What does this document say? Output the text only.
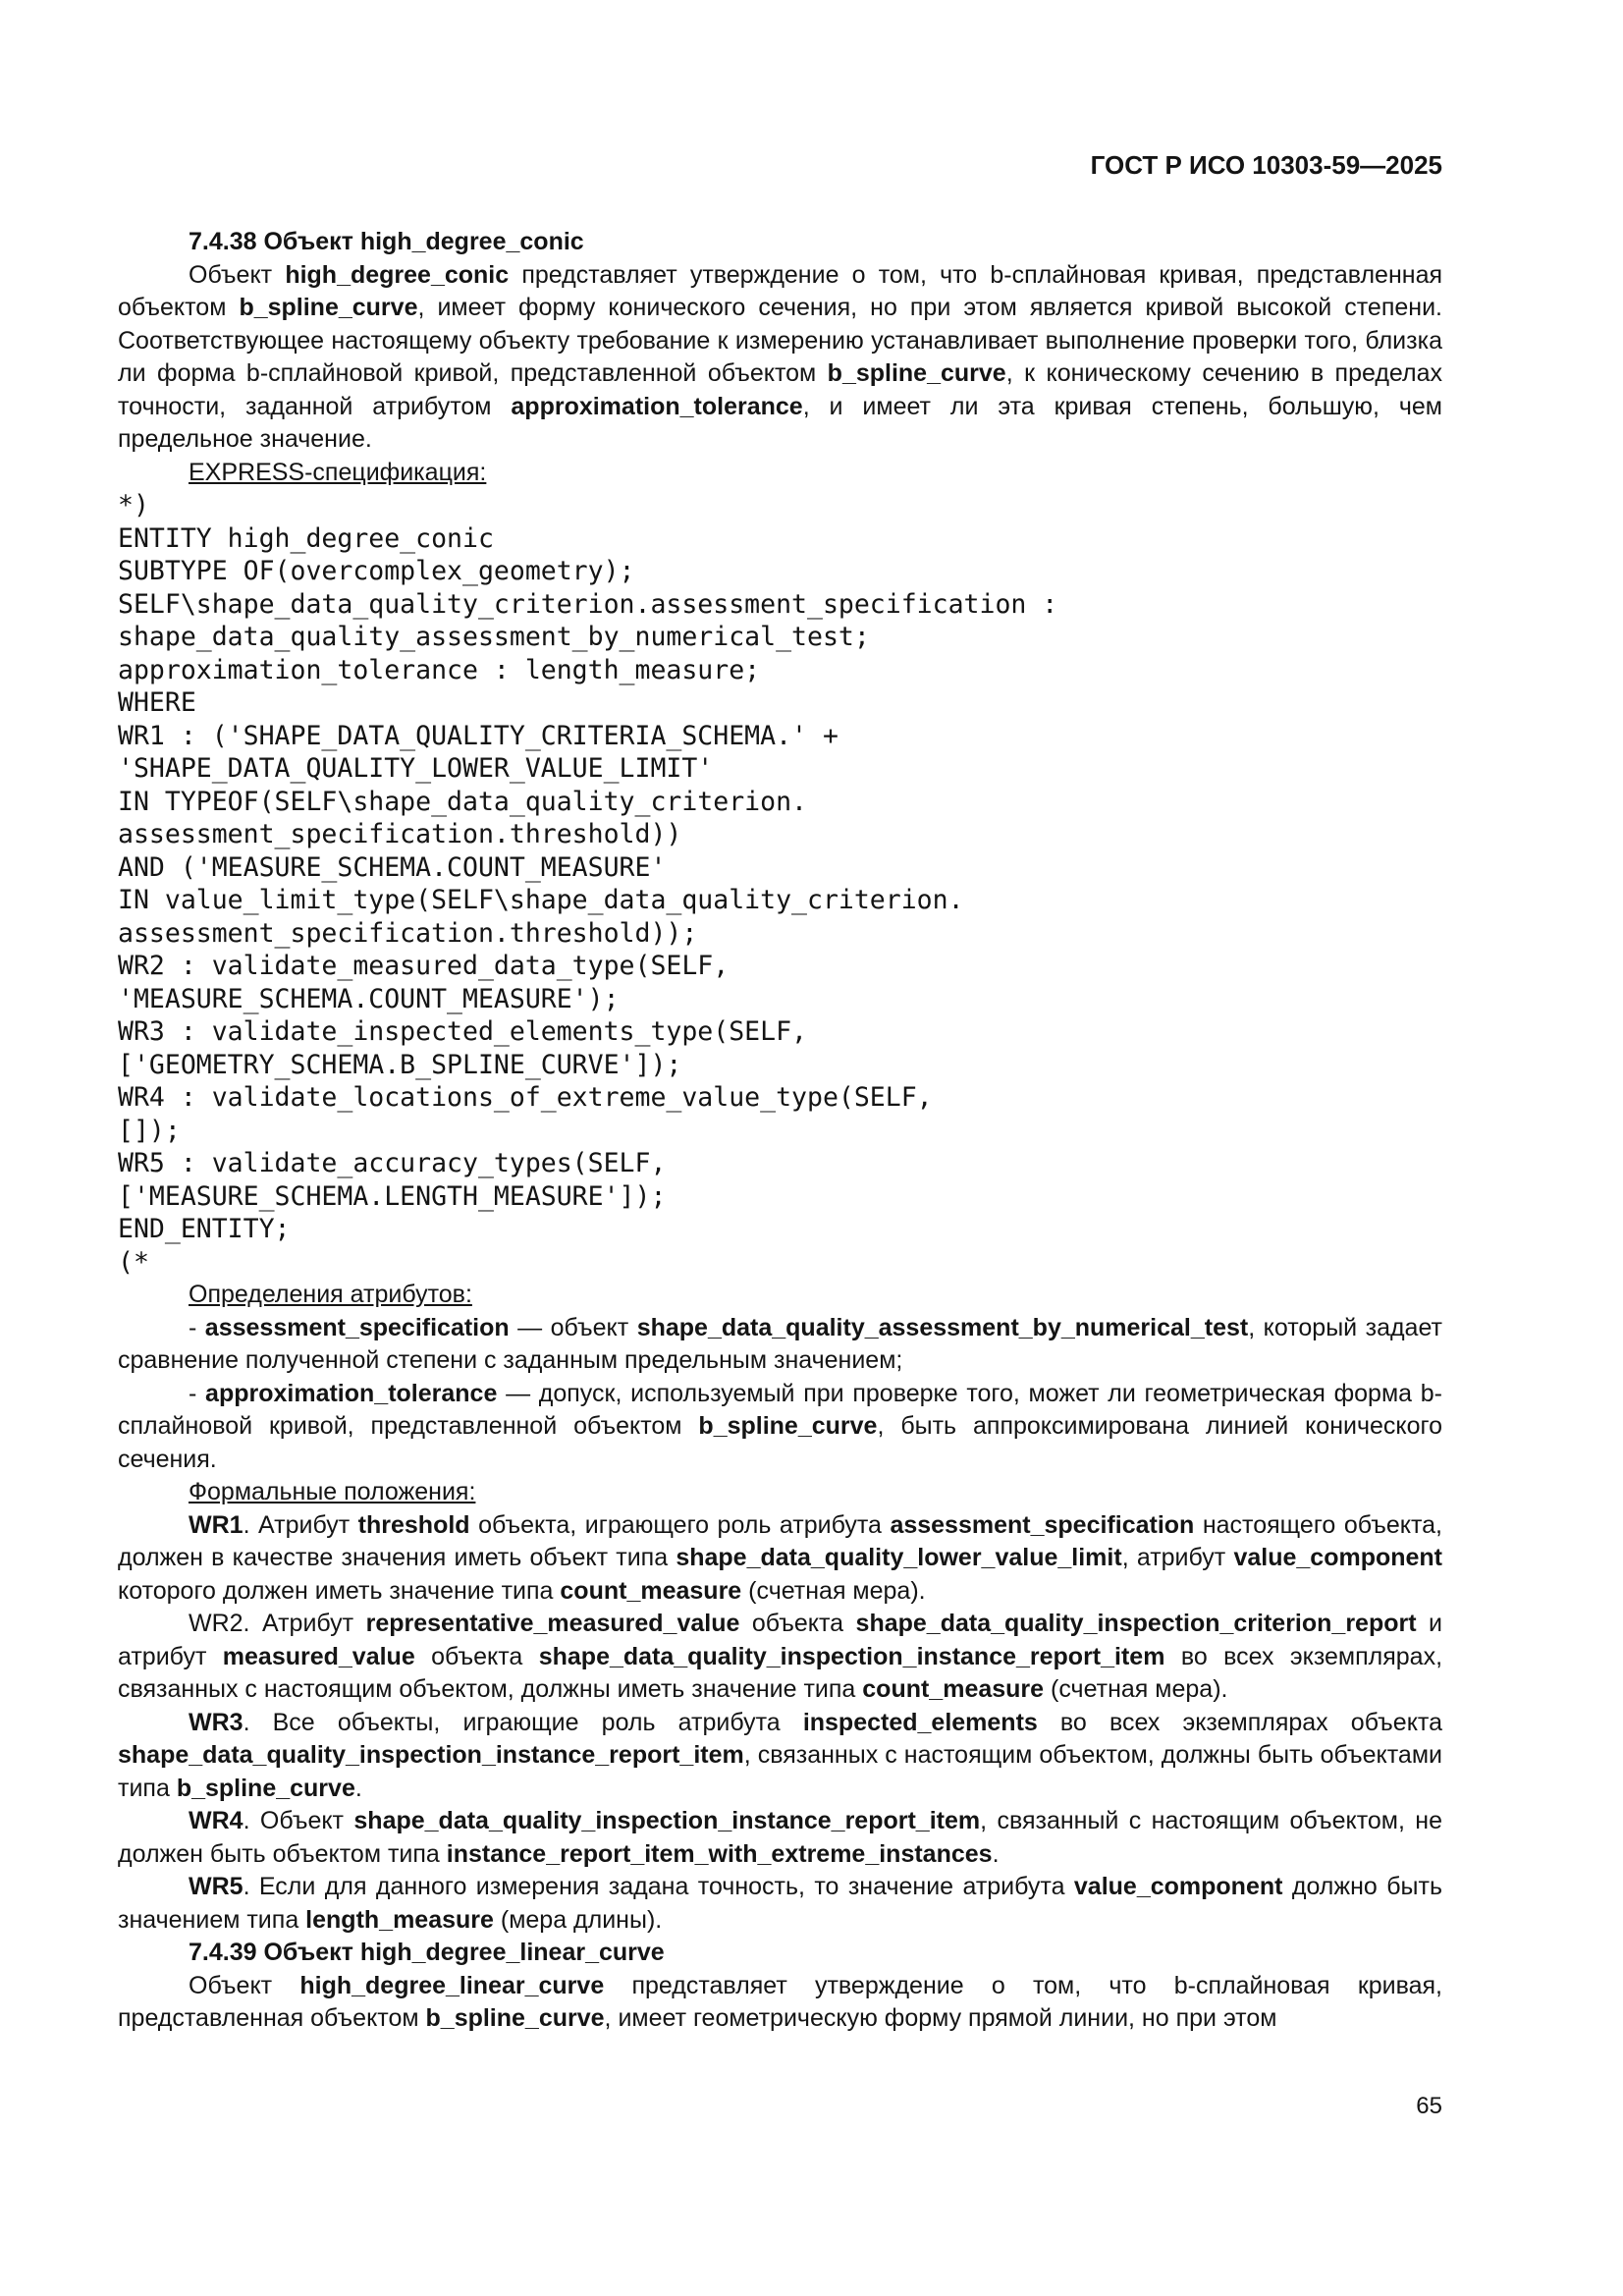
ГОСТ Р ИСО 10303-59—2025

7.4.38 Объект high_degree_conic

Объект high_degree_conic представляет утверждение о том, что b-сплайновая кривая, представленная объектом b_spline_curve, имеет форму конического сечения, но при этом является кривой высокой степени. Соответствующее настоящему объекту требование к измерению устанавливает выполнение проверки того, близка ли форма b-сплайновой кривой, представленной объектом b_spline_curve, к коническому сечению в пределах точности, заданной атрибутом approximation_tolerance, и имеет ли эта кривая степень, большую, чем предельное значение.

EXPRESS-спецификация:

*)
ENTITY high_degree_conic
SUBTYPE OF(overcomplex_geometry);
SELF\shape_data_quality_criterion.assessment_specification :
shape_data_quality_assessment_by_numerical_test;
approximation_tolerance : length_measure;
WHERE
WR1 : ('SHAPE_DATA_QUALITY_CRITERIA_SCHEMA.' +
'SHAPE_DATA_QUALITY_LOWER_VALUE_LIMIT'
IN TYPEOF(SELF\shape_data_quality_criterion.
assessment_specification.threshold))
AND ('MEASURE_SCHEMA.COUNT_MEASURE'
IN value_limit_type(SELF\shape_data_quality_criterion.
assessment_specification.threshold));
WR2 : validate_measured_data_type(SELF,
'MEASURE_SCHEMA.COUNT_MEASURE');
WR3 : validate_inspected_elements_type(SELF,
['GEOMETRY_SCHEMA.B_SPLINE_CURVE']);
WR4 : validate_locations_of_extreme_value_type(SELF,
[]);
WR5 : validate_accuracy_types(SELF,
['MEASURE_SCHEMA.LENGTH_MEASURE']);
END_ENTITY;
(*

Определения атрибутов:

- assessment_specification — объект shape_data_quality_assessment_by_numerical_test, который задает сравнение полученной степени с заданным предельным значением;

- approximation_tolerance — допуск, используемый при проверке того, может ли геометрическая форма b-сплайновой кривой, представленной объектом b_spline_curve, быть аппроксимирована линией конического сечения.

Формальные положения:

WR1. Атрибут threshold объекта, играющего роль атрибута assessment_specification настоящего объекта, должен в качестве значения иметь объект типа shape_data_quality_lower_value_limit, атрибут value_component которого должен иметь значение типа count_measure (счетная мера).

WR2. Атрибут representative_measured_value объекта shape_data_quality_inspection_criterion_report и атрибут measured_value объекта shape_data_quality_inspection_instance_report_item во всех экземплярах, связанных с настоящим объектом, должны иметь значение типа count_measure (счетная мера).

WR3. Все объекты, играющие роль атрибута inspected_elements во всех экземплярах объекта shape_data_quality_inspection_instance_report_item, связанных с настоящим объектом, должны быть объектами типа b_spline_curve.

WR4. Объект shape_data_quality_inspection_instance_report_item, связанный с настоящим объектом, не должен быть объектом типа instance_report_item_with_extreme_instances.

WR5. Если для данного измерения задана точность, то значение атрибута value_component должно быть значением типа length_measure (мера длины).

7.4.39 Объект high_degree_linear_curve

Объект high_degree_linear_curve представляет утверждение о том, что b-сплайновая кривая, представленная объектом b_spline_curve, имеет геометрическую форму прямой линии, но при этом

65
